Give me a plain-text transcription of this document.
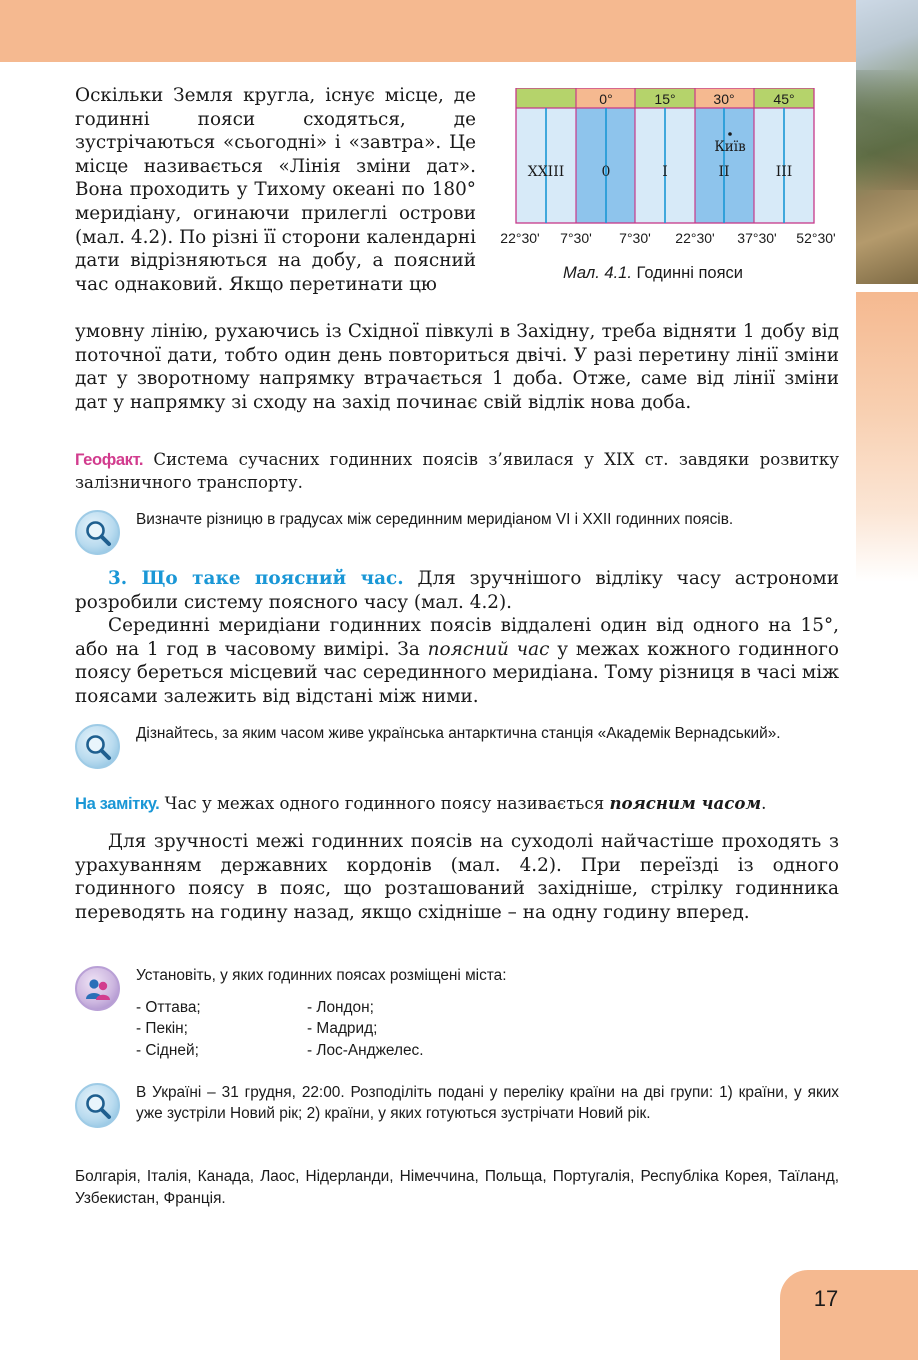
Оскільки Земля кругла, існує місце, де годинні пояси сходяться, де зустрічаються «сьогодні» і «завтра». Це місце називається «Лінія зміни дат». Вона проходить у Тихому океані по 180° меридіану, огинаючи прилеглі острови (мал. 4.2). По різні її сторони календарні дати відрізняються на добу, а поясний час однаковий. Якщо перетинати цю
0°	15°	30°	45°
XXIII	0	I	II	III
Київ
22°30' 7°30' 7°30' 22°30' 37°30' 52°30'
Мал. 4.1. Годинні пояси
умовну лінію, рухаючись із Східної півкулі в Західну, треба відняти 1 добу від поточної дати, тобто один день повториться двічі. У разі перетину лінії зміни дат у зворотному напрямку втрачається 1 доба. Отже, саме від лінії зміни дат у напрямку зі сходу на захід починає свій відлік нова доба.
Геофакт. Система сучасних годинних поясів з’явилася у XIX ст. завдяки розвитку залізничного транспорту.
Визначте різницю в градусах між серединним меридіаном VI і XXII годинних поясів.

3. Що таке поясний час. Для зручнішого відліку часу астрономи розробили систему поясного часу (мал. 4.2).

Серединні меридіани годинних поясів віддалені один від одного на 15°, або на 1 год в часовому вимірі. За поясний час у межах кожного годинного поясу береться місцевий час серединного меридіана. Тому різниця в часі між поясами залежить від відстані між ними.

Дізнайтесь, за яким часом живе українська антарктична станція «Академік Вернадський».
На замітку. Час у межах одного годинного поясу називається поясним часом.
Для зручності межі годинних поясів на суходолі найчастіше проходять з урахуванням державних кордонів (мал. 4.2). При переїзді із одного годинного поясу в пояс, що розташований західніше, стрілку годинника переводять на годину назад, якщо східніше – на одну годину вперед.
Установіть, у яких годинних поясах розміщені міста:
- Оттава;	- Лондон;
- Пекін;	- Мадрид;
- Сідней;	- Лос-Анджелес.
В Україні – 31 грудня, 22:00. Розподіліть подані у переліку країни на дві групи: 1) країни, у яких уже зустріли Новий рік; 2) країни, у яких готуються зустрічати Новий рік.
Болгарія, Італія, Канада, Лаос, Нідерланди, Німеччина, Польща, Португалія, Республіка Корея, Таїланд, Узбекистан, Франція.
17
